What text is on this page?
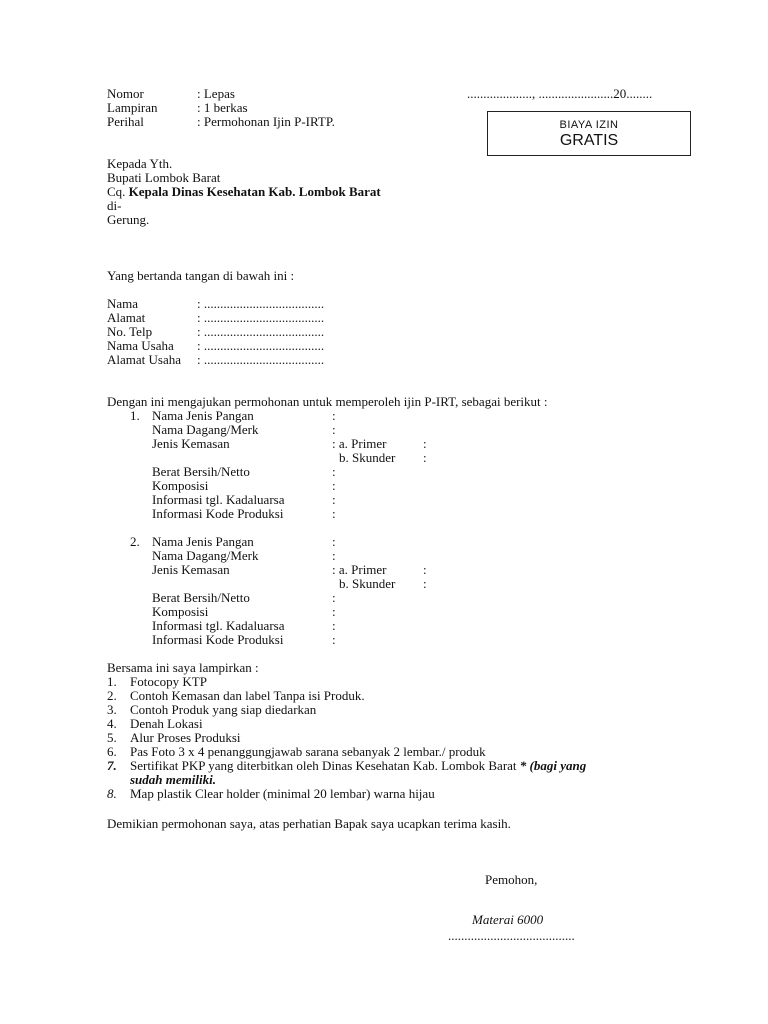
Nomor	: Lepas
Lampiran	: 1 berkas
Perihal	: Permohonan Ijin P-IRTP.
...................., .......................20........
BIAYA IZIN
GRATIS
Kepada Yth.
Bupati Lombok Barat
Cq. Kepala Dinas Kesehatan Kab. Lombok Barat
di-
Gerung.
Yang bertanda tangan di bawah ini :
Nama	: .....................................
Alamat	: .....................................
No. Telp	: .....................................
Nama Usaha : .....................................
Alamat Usaha : .....................................
Dengan ini mengajukan permohonan untuk memperoleh ijin P-IRT, sebagai berikut :
1. Nama Jenis Pangan	:
Nama Dagang/Merk	:
Jenis Kemasan	: a. Primer	:
b. Skunder :
Berat Bersih/Netto	:
Komposisi	:
Informasi tgl. Kadaluarsa	:
Informasi Kode Produksi	:
2. Nama Jenis Pangan	:
Nama Dagang/Merk	:
Jenis Kemasan	: a. Primer	:
b. Skunder :
Berat Bersih/Netto	:
Komposisi	:
Informasi tgl. Kadaluarsa	:
Informasi Kode Produksi	:
Bersama ini saya lampirkan :
1. Fotocopy KTP
2. Contoh Kemasan dan label Tanpa isi Produk.
3. Contoh Produk yang siap diedarkan
4. Denah Lokasi
5. Alur Proses Produksi
6. Pas Foto 3 x 4 penanggungjawab sarana sebanyak 2 lembar./ produk
7. Sertifikat PKP yang diterbitkan oleh Dinas Kesehatan Kab. Lombok Barat * (bagi yang
sudah memiliki.
8. Map plastik Clear holder (minimal 20 lembar) warna hijau
Demikian permohonan saya, atas perhatian Bapak saya ucapkan terima kasih.
Pemohon,
Materai 6000
.......................................
